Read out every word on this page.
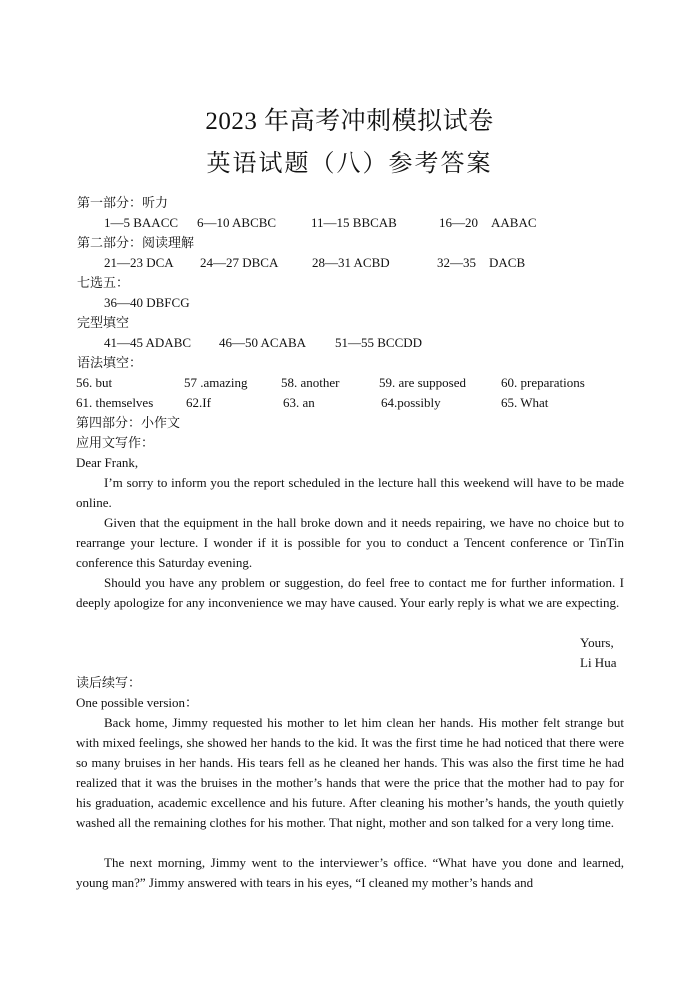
2023 年高考冲刺模拟试卷
英语试题（八）参考答案
第一部分：听力
1—5 BAACC 6—10 ABCBC	11—15 BBCAB	16—20　AABAC
第二部分：阅读理解
21—23 DCA 24—27 DBCA	28—31 ACBD	32—35　DACB
七选五：
36—40 DBFCG
完型填空
41—45 ADABC 46—50 ACABA 51—55 BCCDD
语法填空：
56. but	57 .amazing	58. another	59. are supposed	60. preparations
61. themselves	62.If	63. an	64.possibly	65. What
第四部分：小作文
应用文写作：
Dear Frank,

I’m sorry to inform you the report scheduled in the lecture hall this weekend will have to be made online.

Given that the equipment in the hall broke down and it needs repairing, we have no choice but to rearrange your lecture. I wonder if it is possible for you to conduct a Tencent conference or TinTin conference this Saturday evening.

Should you have any problem or suggestion, do feel free to contact me for further information. I deeply apologize for any inconvenience we may have caused. Your early reply is what we are expecting.

Yours,
Li Hua
读后续写：
One possible version：

Back home, Jimmy requested his mother to let him clean her hands. His mother felt strange but with mixed feelings, she showed her hands to the kid. It was the first time he had noticed that there were so many bruises in her hands. His tears fell as he cleaned her hands. This was also the first time he had realized that it was the bruises in the mother’s hands that were the price that the mother had to pay for his graduation, academic excellence and his future. After cleaning his mother’s hands, the youth quietly washed all the remaining clothes for his mother. That night, mother and son talked for a very long time.

The next morning, Jimmy went to the interviewer’s office. “What have you done and learned, young man?” Jimmy answered with tears in his eyes, “I cleaned my mother’s hands and
